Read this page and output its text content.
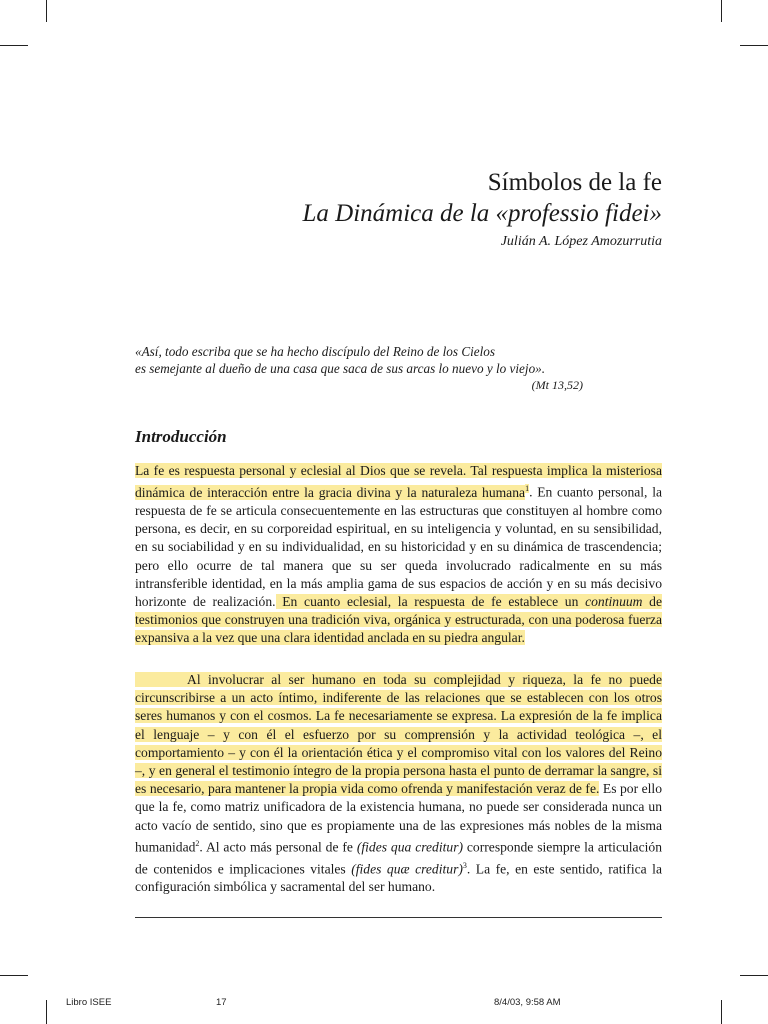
Símbolos de la fe
La Dinámica de la «professio fidei»
Julián A. López Amozurrutia
«Así, todo escriba que se ha hecho discípulo del Reino de los Cielos
es semejante al dueño de una casa que saca de sus arcas lo nuevo y lo viejo».
(Mt 13,52)
Introducción
La fe es respuesta personal y eclesial al Dios que se revela. Tal respuesta implica la misteriosa dinámica de interacción entre la gracia divina y la naturaleza humana$^1$. En cuanto personal, la respuesta de fe se articula consecuentemente en las estructuras que constituyen al hombre como persona, es decir, en su corporeidad espiritual, en su inteligencia y voluntad, en su sensibilidad, en su sociabilidad y en su individualidad, en su historicidad y en su dinámica de trascendencia; pero ello ocurre de tal manera que su ser queda involucrado radicalmente en su más intransferible identidad, en la más amplia gama de sus espacios de acción y en su más decisivo horizonte de realización. En cuanto eclesial, la respuesta de fe establece un continuum de testimonios que construyen una tradición viva, orgánica y estructurada, con una poderosa fuerza expansiva a la vez que una clara identidad anclada en su piedra angular.
Al involucrar al ser humano en toda su complejidad y riqueza, la fe no puede circunscribirse a un acto íntimo, indiferente de las relaciones que se establecen con los otros seres humanos y con el cosmos. La fe necesariamente se expresa. La expresión de la fe implica el lenguaje – y con él el esfuerzo por su comprensión y la actividad teológica –, el comportamiento – y con él la orientación ética y el compromiso vital con los valores del Reino –, y en general el testimonio íntegro de la propia persona hasta el punto de derramar la sangre, si es necesario, para mantener la propia vida como ofrenda y manifestación veraz de fe. Es por ello que la fe, como matriz unificadora de la existencia humana, no puede ser considerada nunca un acto vacío de sentido, sino que es propiamente una de las expresiones más nobles de la misma humanidad$^2$. Al acto más personal de fe (fides qua creditur) corresponde siempre la articulación de contenidos e implicaciones vitales (fides quæ creditur)$^3$. La fe, en este sentido, ratifica la configuración simbólica y sacramental del ser humano.
Libro ISEE	17	8/4/03, 9:58 AM
